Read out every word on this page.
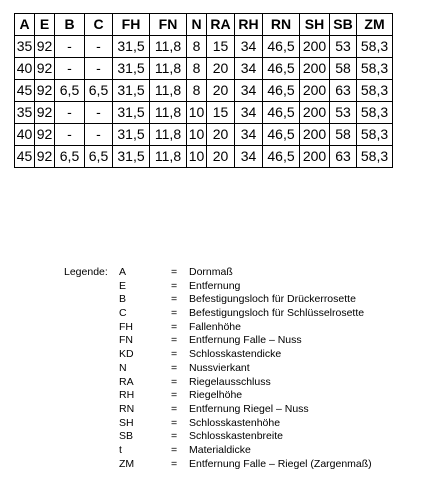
A	E	B	C	FH	FN	N	RA	RH	RN	SH	SB	ZM
35	92	-	-	31,5	11,8	8	15	34	46,5	200	53	58,3
40	92	-	-	31,5	11,8	8	20	34	46,5	200	58	58,3
45	92	6,5	6,5	31,5	11,8	8	20	34	46,5	200	63	58,3
35	92	-	-	31,5	11,8	10	15	34	46,5	200	53	58,3
40	92	-	-	31,5	11,8	10	20	34	46,5	200	58	58,3
45	92	6,5	6,5	31,5	11,8	10	20	34	46,5	200	63	58,3
Legende: A	=	Dornmaß
E	=	Entfernung
B	=	Befestigungsloch für Drückerrosette
C	=	Befestigungsloch für Schlüsselrosette
FH	=	Fallenhöhe
FN	=	Entfernung Falle – Nuss
KD	=	Schlosskastendicke
N	=	Nussvierkant
RA	=	Riegelausschluss
RH	=	Riegelhöhe
RN	=	Entfernung Riegel – Nuss
SH	=	Schlosskastenhöhe
SB	=	Schlosskastenbreite
t	=	Materialdicke
ZM	=	Entfernung Falle – Riegel (Zargenmaß)
